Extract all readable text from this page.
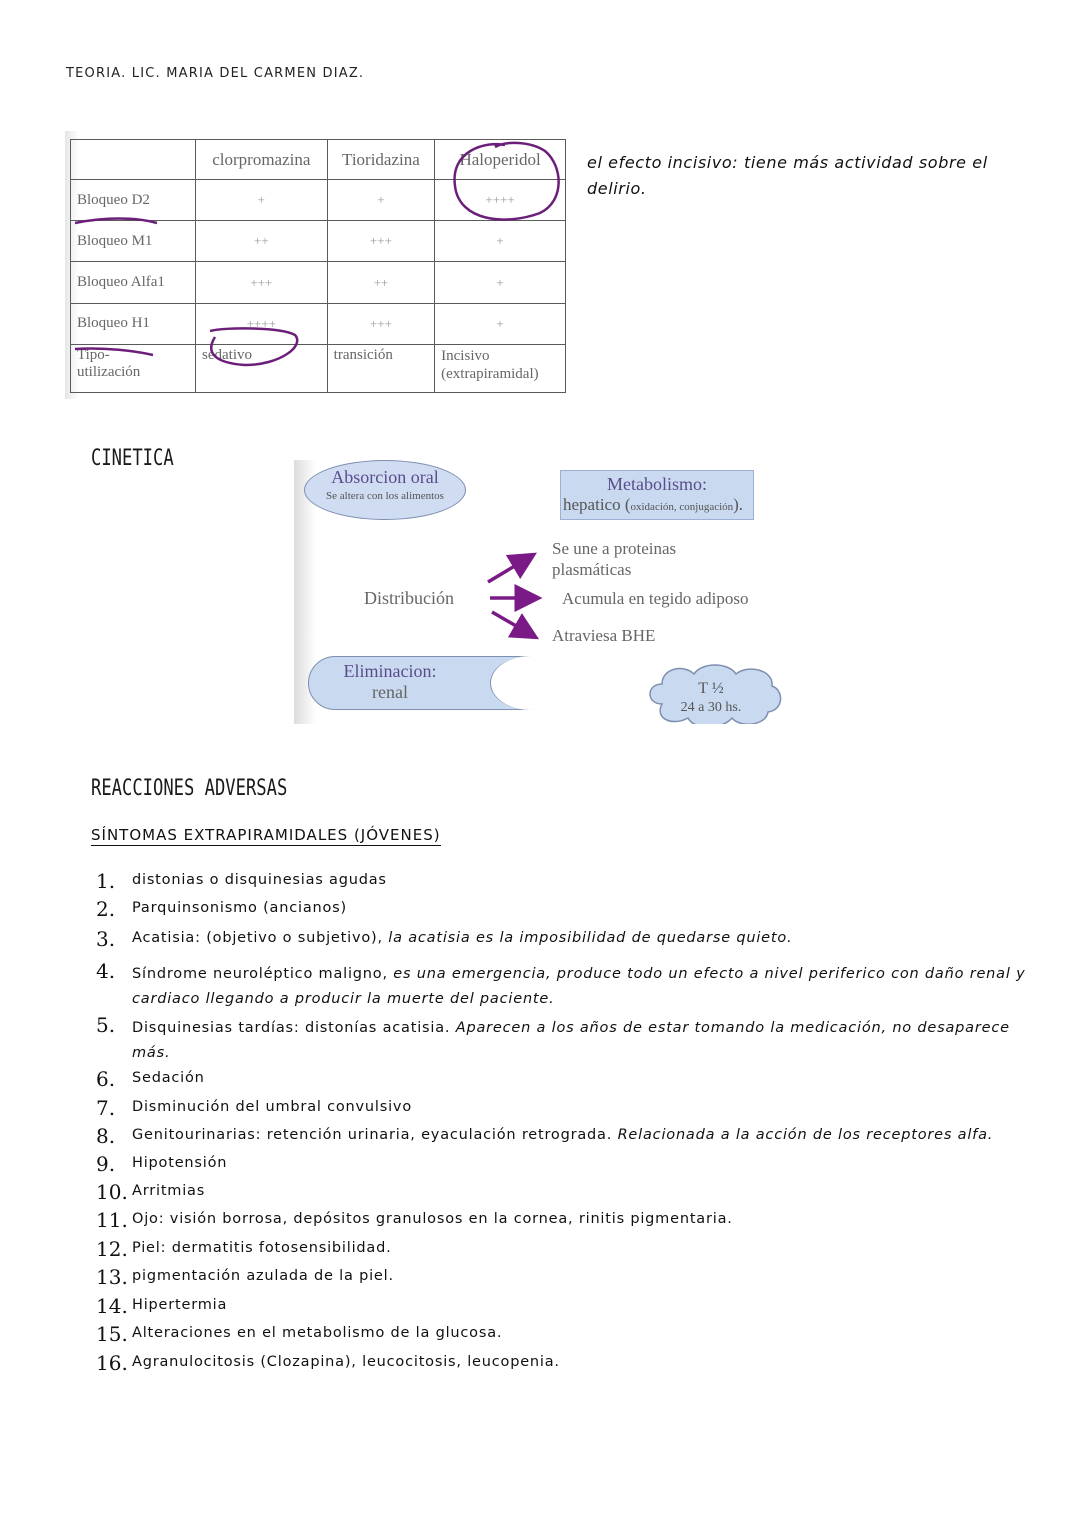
TEORIA. LIC. MARIA DEL CARMEN DIAZ.
	clorpromazina	Tioridazina	Haloperidol
Bloqueo D2	+	+	++++
Bloqueo M1	++	+++	+
Bloqueo Alfa1	+++	++	+
Bloqueo H1	++++	+++	+
Tipo-
utilización	sedativo	transición	Incisivo
(extrapiramidal)
el efecto incisivo: tiene más actividad sobre el delirio.
CINETICA
Absorcion oral
Se altera con los alimentos
Metabolismo:
hepatico (oxidación, conjugación).
Distribución
Se une a proteinas
plasmáticas
Acumula en tegido adiposo
Atraviesa BHE
Eliminacion:
renal	T ½
24 a 30 hs.
REACCIONES ADVERSAS
SÍNTOMAS EXTRAPIRAMIDALES (JÓVENES)
1. distonias o disquinesias agudas
2. Parquinsonismo (ancianos)
3. Acatisia: (objetivo o subjetivo), la acatisia es la imposibilidad de quedarse quieto.
4. Síndrome neuroléptico maligno, es una emergencia, produce todo un efecto a nivel periferico con daño renal y cardiaco llegando a producir la muerte del paciente.
5. Disquinesias tardías: distonías acatisia. Aparecen a los años de estar tomando la medicación, no desaparece más.
6. Sedación
7. Disminución del umbral convulsivo
8. Genitourinarias: retención urinaria, eyaculación retrograda. Relacionada a la acción de los receptores alfa.
9. Hipotensión
10. Arritmias
11. Ojo: visión borrosa, depósitos granulosos en la cornea, rinitis pigmentaria.
12. Piel: dermatitis fotosensibilidad.
13. pigmentación azulada de la piel.
14. Hipertermia
15. Alteraciones en el metabolismo de la glucosa.
16. Agranulocitosis (Clozapina), leucocitosis, leucopenia.
